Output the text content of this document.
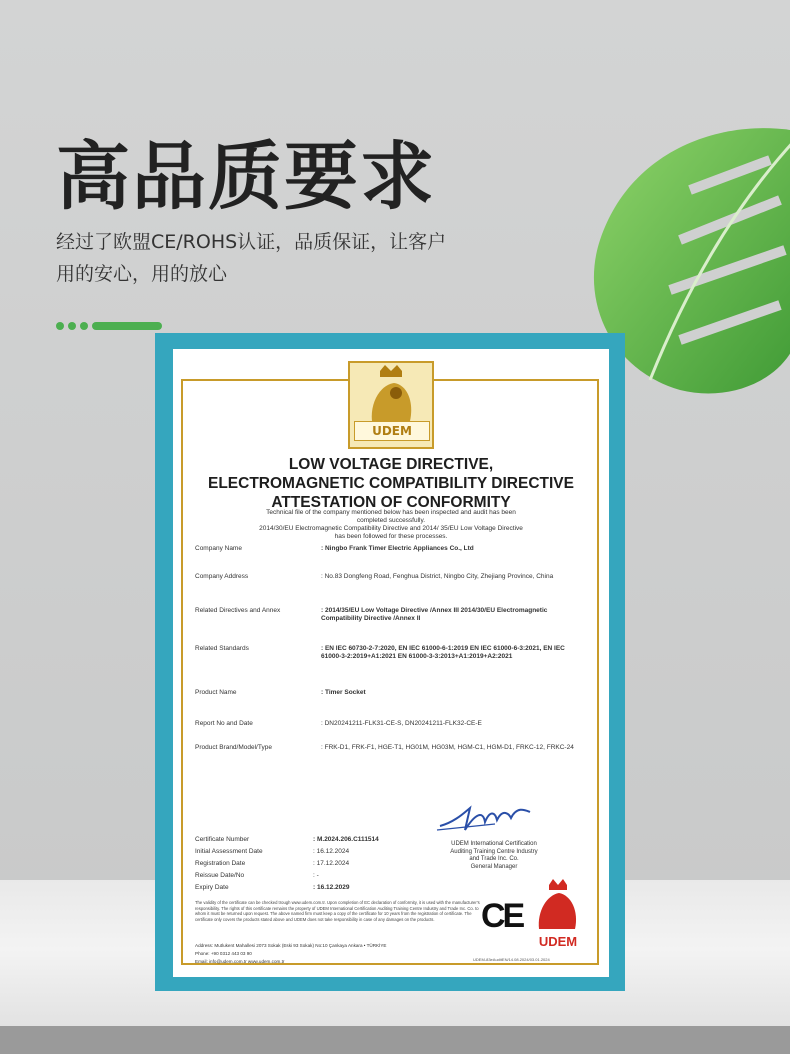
高品质要求
经过了欧盟CE/ROHS认证，品质保证，让客户
用的安心，用的放心
UDEM
LOW VOLTAGE DIRECTIVE,
ELECTROMAGNETIC COMPATIBILITY DIRECTIVE
ATTESTATION OF CONFORMITY
Technical file of the company mentioned below has been inspected and audit has been
completed successfully.
2014/30/EU Electromagnetic Compatibility Directive and 2014/ 35/EU Low Voltage Directive
has been followed for these processes.
Company Name	: Ningbo Frank Timer Electric Appliances Co., Ltd
Company Address	: No.83 Dongfeng Road, Fenghua District, Ningbo City, Zhejiang Province, China
Related Directives and Annex	: 2014/35/EU Low Voltage Directive /Annex III 2014/30/EU Electromagnetic Compatibility Directive /Annex II
Related Standards	: EN IEC 60730-2-7:2020, EN IEC 61000-6-1:2019 EN IEC 61000-6-3:2021, EN IEC 61000-3-2:2019+A1:2021 EN 61000-3-3:2013+A1:2019+A2:2021
Product Name	: Timer Socket
Report No and Date	: DN20241211-FLK31-CE-S, DN20241211-FLK32-CE-E
Product Brand/Model/Type	: FRK-D1, FRK-F1, HGE-T1, HG01M, HG03M, HGM-C1, HGM-D1, FRKC-12, FRKC-24
UDEM International Certification
Auditing Training Centre Industry
and Trade Inc. Co.
General Manager
Certificate Number	: M.2024.206.C111514
Initial Assessment Date	: 16.12.2024
Registration Date	: 17.12.2024
Reissue Date/No	: -
Expiry Date	: 16.12.2029
The validity of the certificate can be checked trough www.udem.com.tr. Upon completion of EC declaration of conformity, it is used with the manufacturer's responsibility. The rights of this certificate remains the property of UDEM International Certification Auditing Training Centre Industry and Trade Inc. Co. to whom it must be returned upon request. The above named firm must keep a copy of the certificate for 10 years from the registration of certificate. The certificate only covers the products stated above and UDEM does not take responsibility in case of any damages on the products.
Address: Mutlukent Mahallesi 2073 Sokak (Eski 93 Sokak) No:10 Çankaya Ankara • TÜRKİYE
Phone: +90 0312 443 03 90
Email: info@udem.com.tr www.udem.com.tr
CE
UDEM
UDEM-83eAuditEN/14.08.2024/03.01.2024
